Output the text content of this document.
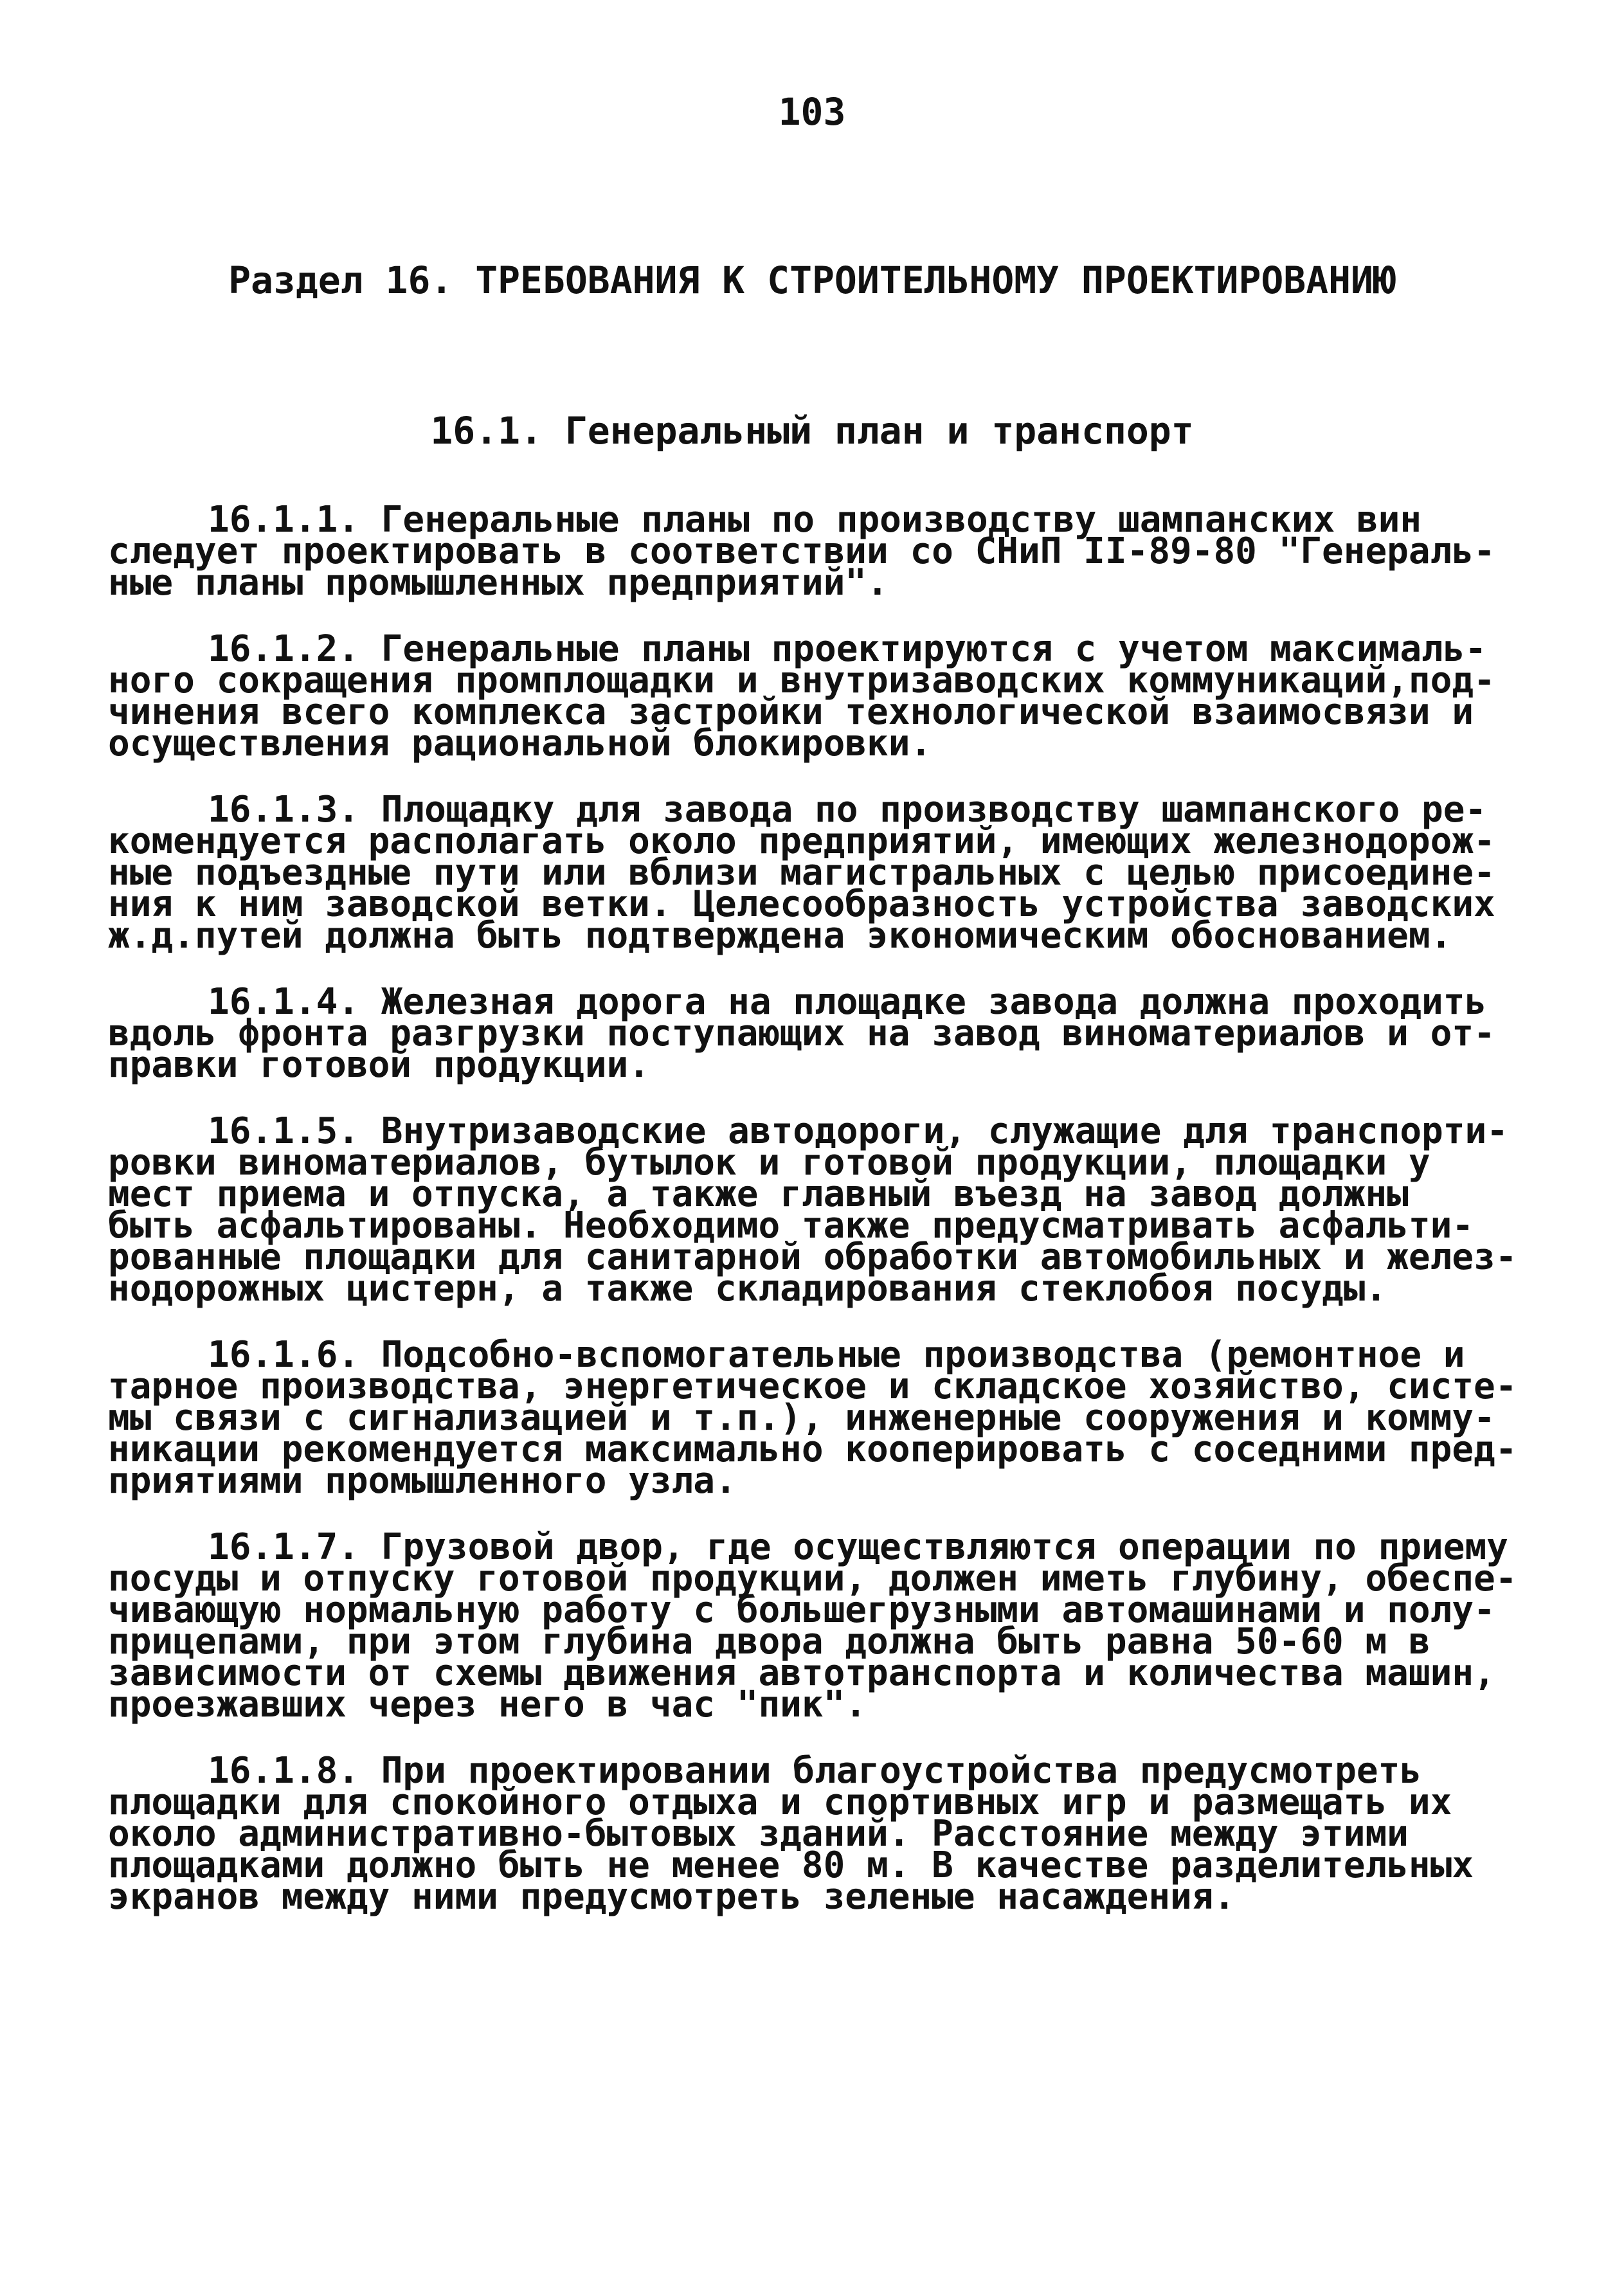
103
Раздел 16. ТРЕБОВАНИЯ К СТРОИТЕЛЬНОМУ ПРОЕКТИРОВАНИЮ
16.1. Генеральный план и транспорт

16.1.1. Генеральные планы по производству шампанских вин
следует проектировать в соответствии со СНиП II-89-80 "Генераль-
ные планы промышленных предприятий".

16.1.2. Генеральные планы проектируются с учетом максималь-
ного сокращения промплощадки и внутризаводских коммуникаций,под-
чинения всего комплекса застройки технологической взаимосвязи и
осуществления рациональной блокировки.

16.1.3. Площадку для завода по производству шампанского ре-
комендуется располагать около предприятий, имеющих железнодорож-
ные подъездные пути или вблизи магистральных с целью присоедине-
ния к ним заводской ветки. Целесообразность устройства заводских
ж.д.путей должна быть подтверждена экономическим обоснованием.

16.1.4. Железная дорога на площадке завода должна проходить
вдоль фронта разгрузки поступающих на завод виноматериалов и от-
правки готовой продукции.

16.1.5. Внутризаводские автодороги, служащие для транспорти-
ровки виноматериалов, бутылок и готовой продукции, площадки у
мест приема и отпуска, а также главный въезд на завод должны
быть асфальтированы. Необходимо также предусматривать асфальти-
рованные площадки для санитарной обработки автомобильных и желез-
нодорожных цистерн, а также складирования стеклобоя посуды.

16.1.6. Подсобно-вспомогательные производства (ремонтное и
тарное производства, энергетическое и складское хозяйство, систе-
мы связи с сигнализацией и т.п.), инженерные сооружения и комму-
никации рекомендуется максимально кооперировать с соседними пред-
приятиями промышленного узла.

16.1.7. Грузовой двор, где осуществляются операции по приему
посуды и отпуску готовой продукции, должен иметь глубину, обеспе-
чивающую нормальную работу с большегрузными автомашинами и полу-
прицепами, при этом глубина двора должна быть равна 50-60 м в
зависимости от схемы движения автотранспорта и количества машин,
проезжавших через него в час "пик".

16.1.8. При проектировании благоустройства предусмотреть
площадки для спокойного отдыха и спортивных игр и размещать их
около административно-бытовых зданий. Расстояние между этими
площадками должно быть не менее 80 м. В качестве разделительных
экранов между ними предусмотреть зеленые насаждения.
